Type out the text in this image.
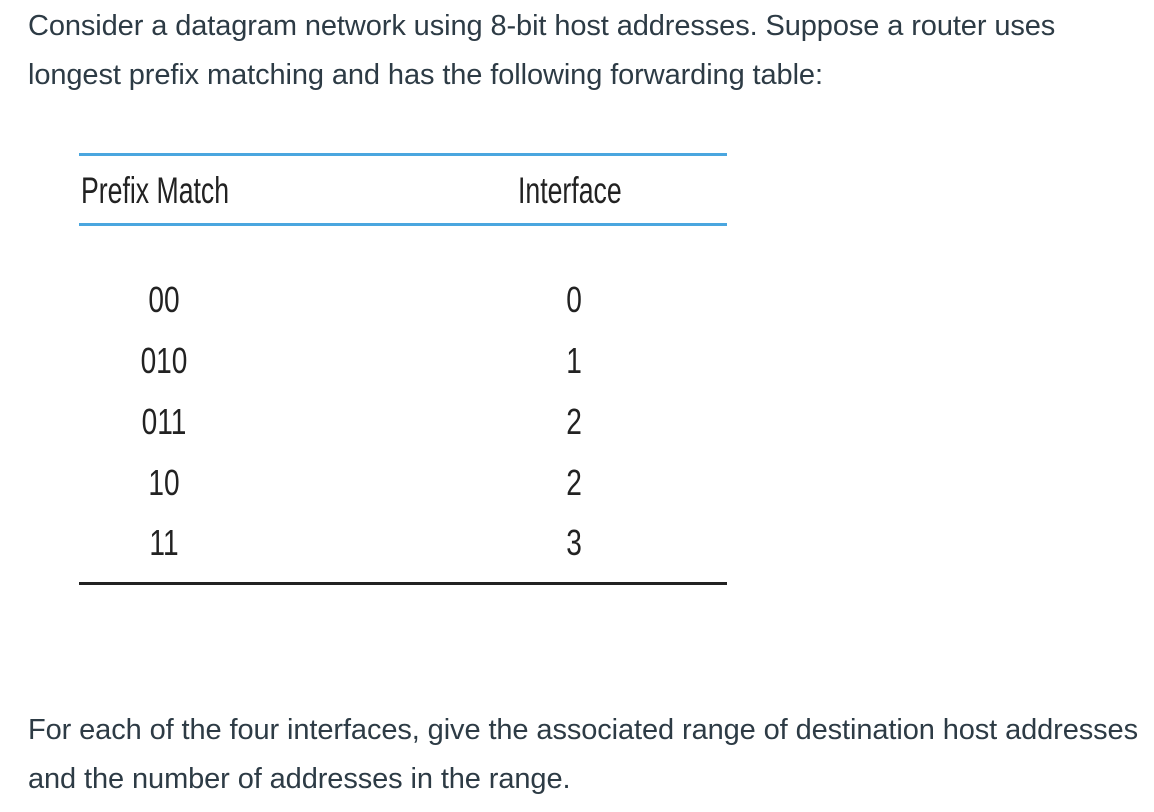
Consider a datagram network using 8-bit host addresses. Suppose a router uses longest prefix matching and has the following forwarding table:

Prefix Match	Interface
00	0
010	1
011	2
10	2
11	3

For each of the four interfaces, give the associated range of destination host addresses and the number of addresses in the range.
